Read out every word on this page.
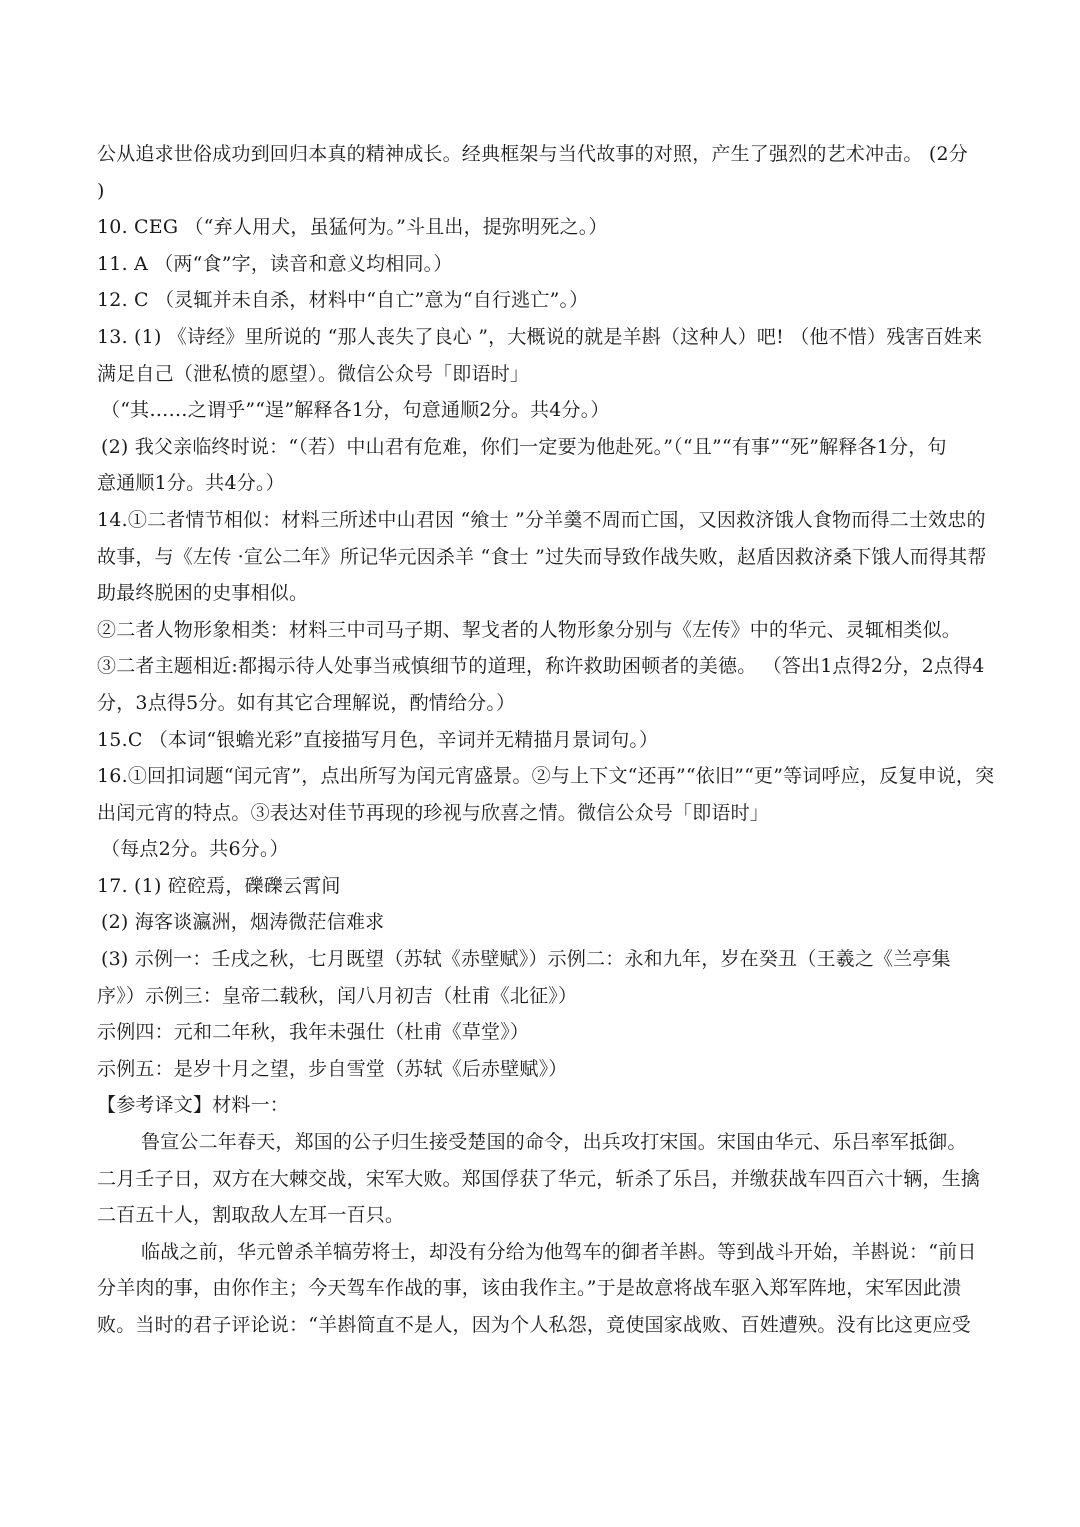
公从追求世俗成功到回归本真的精神成长。经典框架与当代故事的对照，产生了强烈的艺术冲击。 (2分
)
10. CEG （“弃人用犬，虽猛何为。”斗且出，提弥明死之。）
11. A （两“食”字，读音和意义均相同。）
12. C （灵辄并未自杀，材料中“自亡”意为“自行逃亡”。）
13. (1) 《诗经》里所说的 “那人丧失了良心 ”，大概说的就是羊斟（这种人）吧! （他不惜）残害百姓来
满足自己（泄私愤的愿望）。微信公众号「即语时」
（“其……之谓乎”“逞”解释各1分，句意通顺2分。共4分。）
(2) 我父亲临终时说：“（若）中山君有危难，你们一定要为他赴死。”（“且”“有事”“死”解释各1分，句
意通顺1分。共4分。）
14.①二者情节相似：材料三所述中山君因 “飨士 ”分羊羹不周而亡国，又因救济饿人食物而得二士效忠的
故事，与《左传 ·宣公二年》所记华元因杀羊 “食士 ”过失而导致作战失败，赵盾因救济桑下饿人而得其帮
助最终脱困的史事相似。
②二者人物形象相类：材料三中司马子期、挈戈者的人物形象分别与《左传》中的华元、灵辄相类似。
③二者主题相近:都揭示待人处事当戒慎细节的道理，称许救助困顿者的美德。 （答出1点得2分，2点得4
分，3点得5分。如有其它合理解说，酌情给分。）
15.C （本词“银蟾光彩”直接描写月色，辛词并无精描月景词句。）
16.①回扣词题“闰元宵”，点出所写为闰元宵盛景。②与上下文“还再”“依旧”“更”等词呼应，反复申说，突
出闰元宵的特点。③表达对佳节再现的珍视与欣喜之情。微信公众号「即语时」
（每点2分。共6分。）
17. (1) 硿硿焉，礫礫云霄间
(2) 海客谈瀛洲，烟涛微茫信难求
(3) 示例一：壬戌之秋，七月既望（苏轼《赤壁赋》）示例二：永和九年，岁在癸丑（王羲之《兰亭集
序》）示例三：皇帝二载秋，闰八月初吉（杜甫《北征》）
示例四：元和二年秋，我年未强仕（杜甫《草堂》）
示例五：是岁十月之望，步自雪堂（苏轼《后赤壁赋》）
【参考译文】材料一：
鲁宣公二年春天，郑国的公子归生接受楚国的命令，出兵攻打宋国。宋国由华元、乐吕率军抵御。
二月壬子日，双方在大棘交战，宋军大败。郑国俘获了华元，斩杀了乐吕，并缴获战车四百六十辆，生擒
二百五十人，割取敌人左耳一百只。
临战之前，华元曾杀羊犒劳将士，却没有分给为他驾车的御者羊斟。等到战斗开始，羊斟说：“前日
分羊肉的事，由你作主；今天驾车作战的事，该由我作主。”于是故意将战车驱入郑军阵地，宋军因此溃
败。当时的君子评论说：“羊斟简直不是人，因为个人私怨，竟使国家战败、百姓遭殃。没有比这更应受
